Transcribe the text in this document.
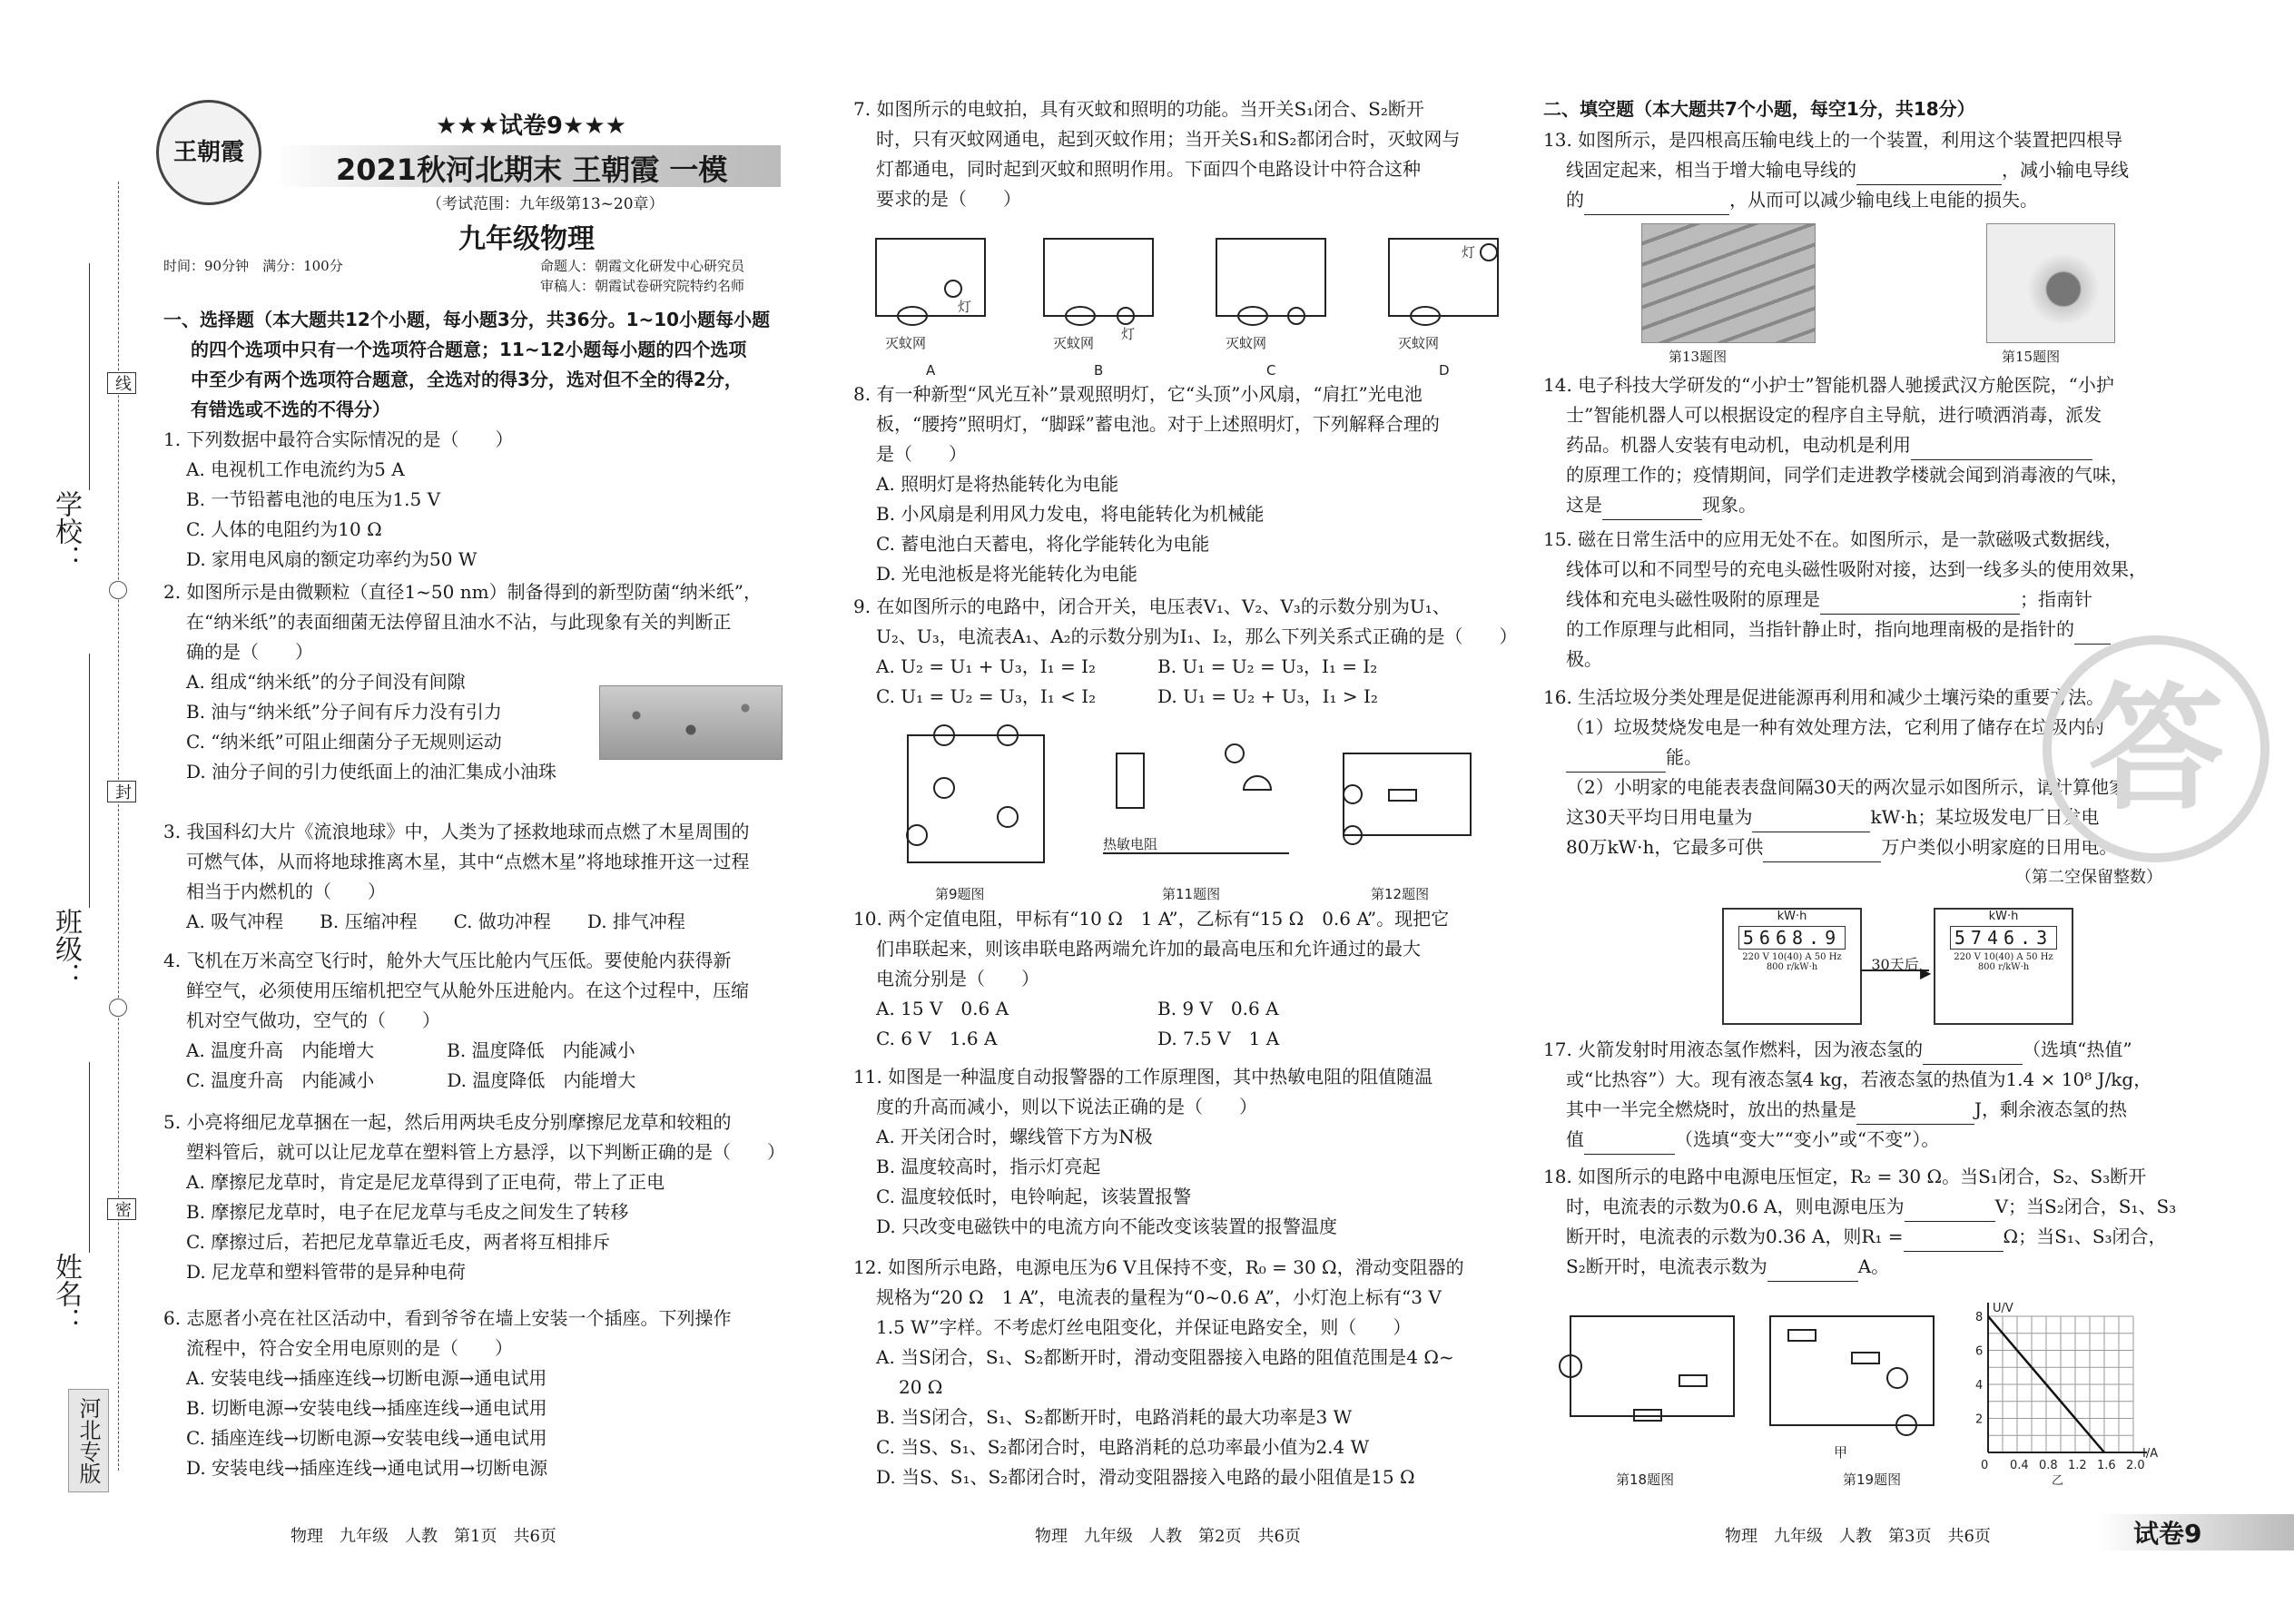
学校：
班级：
姓名：
线
封
密
河北专版
王朝霞
★★★试卷9★★★
2021秋河北期末 王朝霞 一模
（考试范围：九年级第13~20章）
九年级物理
时间：90分钟　满分：100分	命题人：朝霞文化研发中心研究员
审稿人：朝霞试卷研究院特约名师
一、选择题（本大题共12个小题，每小题3分，共36分。1~10小题每小题
的四个选项中只有一个选项符合题意；11~12小题每小题的四个选项
中至少有两个选项符合题意，全选对的得3分，选对但不全的得2分，
有错选或不选的不得分）
1. 下列数据中最符合实际情况的是（　　）
A. 电视机工作电流约为5 A
B. 一节铅蓄电池的电压为1.5 V
C. 人体的电阻约为10 Ω
D. 家用电风扇的额定功率约为50 W
2. 如图所示是由微颗粒（直径1~50 nm）制备得到的新型防菌“纳米纸”，
在“纳米纸”的表面细菌无法停留且油水不沾，与此现象有关的判断正
确的是（　　）
A. 组成“纳米纸”的分子间没有间隙
B. 油与“纳米纸”分子间有斥力没有引力
C. “纳米纸”可阻止细菌分子无规则运动
D. 油分子间的引力使纸面上的油汇集成小油珠
3. 我国科幻大片《流浪地球》中，人类为了拯救地球而点燃了木星周围的
可燃气体，从而将地球推离木星，其中“点燃木星”将地球推开这一过程
相当于内燃机的（　　）
A. 吸气冲程　　B. 压缩冲程　　C. 做功冲程　　D. 排气冲程
4. 飞机在万米高空飞行时，舱外大气压比舱内气压低。要使舱内获得新
鲜空气，必须使用压缩机把空气从舱外压进舱内。在这个过程中，压缩
机对空气做功，空气的（　　）
A. 温度升高　内能增大	B. 温度降低　内能减小
C. 温度升高　内能减小	D. 温度降低　内能增大
5. 小亮将细尼龙草捆在一起，然后用两块毛皮分别摩擦尼龙草和较粗的
塑料管后，就可以让尼龙草在塑料管上方悬浮，以下判断正确的是（　　）
A. 摩擦尼龙草时，肯定是尼龙草得到了正电荷，带上了正电
B. 摩擦尼龙草时，电子在尼龙草与毛皮之间发生了转移
C. 摩擦过后，若把尼龙草靠近毛皮，两者将互相排斥
D. 尼龙草和塑料管带的是异种电荷
6. 志愿者小亮在社区活动中，看到爷爷在墙上安装一个插座。下列操作
流程中，符合安全用电原则的是（　　）
A. 安装电线→插座连线→切断电源→通电试用
B. 切断电源→安装电线→插座连线→通电试用
C. 插座连线→切断电源→安装电线→通电试用
D. 安装电线→插座连线→通电试用→切断电源
物理　九年级　人教　第1页　共6页
7. 如图所示的电蚊拍，具有灭蚊和照明的功能。当开关S₁闭合、S₂断开
时，只有灭蚊网通电，起到灭蚊作用；当开关S₁和S₂都闭合时，灭蚊网与
灯都通电，同时起到灭蚊和照明作用。下面四个电路设计中符合这种
要求的是（　　）
灭蚊网	灭蚊网	灭蚊网	灭蚊网
灯
灯
灯
A	B	C	D
8. 有一种新型“风光互补”景观照明灯，它“头顶”小风扇，“肩扛”光电池
板，“腰挎”照明灯，“脚踩”蓄电池。对于上述照明灯，下列解释合理的
是（　　）
A. 照明灯是将热能转化为电能
B. 小风扇是利用风力发电，将电能转化为机械能
C. 蓄电池白天蓄电，将化学能转化为电能
D. 光电池板是将光能转化为电能
9. 在如图所示的电路中，闭合开关，电压表V₁、V₂、V₃的示数分别为U₁、
U₂、U₃，电流表A₁、A₂的示数分别为I₁、I₂，那么下列关系式正确的是（　　）
A. U₂ = U₁ + U₃，I₁ = I₂	B. U₁ = U₂ = U₃，I₁ = I₂
C. U₁ = U₂ = U₃，I₁ < I₂	D. U₁ = U₂ + U₃，I₁ > I₂
热敏电阻
第9题图	第11题图	第12题图
10. 两个定值电阻，甲标有“10 Ω　1 A”，乙标有“15 Ω　0.6 A”。现把它
们串联起来，则该串联电路两端允许加的最高电压和允许通过的最大
电流分别是（　　）
A. 15 V　0.6 A	B. 9 V　0.6 A
C. 6 V　1.6 A	D. 7.5 V　1 A
11. 如图是一种温度自动报警器的工作原理图，其中热敏电阻的阻值随温
度的升高而减小，则以下说法正确的是（　　）
A. 开关闭合时，螺线管下方为N极
B. 温度较高时，指示灯亮起
C. 温度较低时，电铃响起，该装置报警
D. 只改变电磁铁中的电流方向不能改变该装置的报警温度
12. 如图所示电路，电源电压为6 V且保持不变，R₀ = 30 Ω，滑动变阻器的
规格为“20 Ω　1 A”，电流表的量程为“0~0.6 A”，小灯泡上标有“3 V
1.5 W”字样。不考虑灯丝电阻变化，并保证电路安全，则（　　）
A. 当S闭合，S₁、S₂都断开时，滑动变阻器接入电路的阻值范围是4 Ω~
20 Ω
B. 当S闭合，S₁、S₂都断开时，电路消耗的最大功率是3 W
C. 当S、S₁、S₂都闭合时，电路消耗的总功率最小值为2.4 W
D. 当S、S₁、S₂都闭合时，滑动变阻器接入电路的最小阻值是15 Ω
物理　九年级　人教　第2页　共6页
二、填空题（本大题共7个小题，每空1分，共18分）
13. 如图所示，是四根高压输电线上的一个装置，利用这个装置把四根导
线固定起来，相当于增大输电导线的	，减小输电导线
的	，从而可以减少输电线上电能的损失。
第13题图	第15题图
14. 电子科技大学研发的“小护士”智能机器人驰援武汉方舱医院，“小护
士”智能机器人可以根据设定的程序自主导航，进行喷洒消毒，派发
药品。机器人安装有电动机，电动机是利用
的原理工作的；疫情期间，同学们走进教学楼就会闻到消毒液的气味，
这是	现象。
15. 磁在日常生活中的应用无处不在。如图所示，是一款磁吸式数据线，
线体可以和不同型号的充电头磁性吸附对接，达到一线多头的使用效果，
线体和充电头磁性吸附的原理是	；指南针
的工作原理与此相同，当指针静止时，指向地理南极的是指针的
极。
16. 生活垃圾分类处理是促进能源再利用和减少土壤污染的重要方法。
（1）垃圾焚烧发电是一种有效处理方法，它利用了储存在垃圾内的
能。
（2）小明家的电能表表盘间隔30天的两次显示如图所示，请计算他家
这30天平均日用电量为	kW·h；某垃圾发电厂日发电
80万kW·h，它最多可供	万户类似小明家庭的日用电。
（第二空保留整数）
kW·h
5668.9
220 V 10(40) A 50 Hz
800 r/kW·h	30天后 ▶
kW·h
5746.3
220 V 10(40) A 50 Hz
800 r/kW·h
17. 火箭发射时用液态氢作燃料，因为液态氢的	（选填“热值”
或“比热容”）大。现有液态氢4 kg，若液态氢的热值为1.4 × 10⁸ J/kg，
其中一半完全燃烧时，放出的热量是	J，剩余液态氢的热
值	（选填“变大”“变小”或“不变”）。
18. 如图所示的电路中电源电压恒定，R₂ = 30 Ω。当S₁闭合，S₂、S₃断开
时，电流表的示数为0.6 A，则电源电压为	V；当S₂闭合，S₁、S₃
断开时，电流表的示数为0.36 A，则R₁ =	Ω；当S₁、S₃闭合，
S₂断开时，电流表示数为	A。
第18题图
甲
第19题图
8
6
4
2
0 0.4 0.8 1.2 1.6 2.0
U/V
I/A
乙
答
物理　九年级　人教　第3页　共6页	试卷9
